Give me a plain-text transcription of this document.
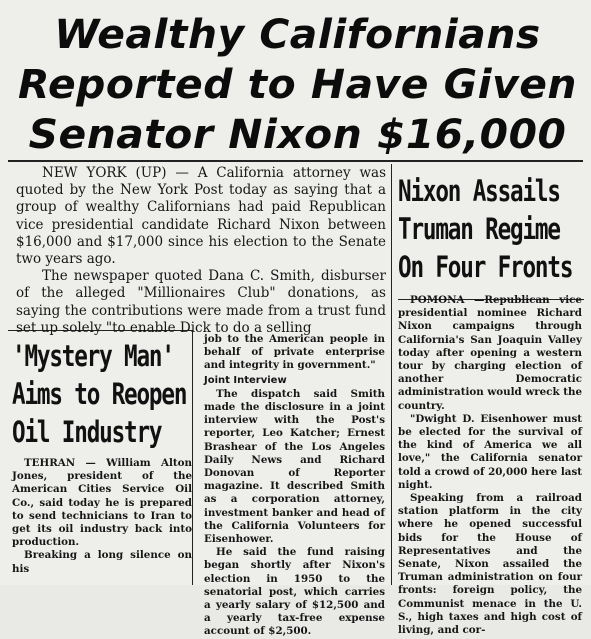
Wealthy Californians
Reported to Have Given
Senator Nixon $16,000

NEW YORK (UP) — A California attorney was quoted by the New York Post today as saying that a group of wealthy Californians had paid Republican vice presidential candidate Richard Nixon between $16,000 and $17,000 since his election to the Senate two years ago.

The newspaper quoted Dana C. Smith, disburser of the alleged "Millionaires Club" donations, as saying the contributions were made from a trust fund set up solely "to enable Dick to do a selling

job to the American people in behalf of private enterprise and integrity in government."

Joint Interview

The dispatch said Smith made the disclosure in a joint interview with the Post's reporter, Leo Katcher; Ernest Brashear of the Los Angeles Daily News and Richard Donovan of Reporter magazine. It described Smith as a corporation attorney, investment banker and head of the California Volunteers for Eisenhower.

He said the fund raising began shortly after Nixon's election in 1950 to the senatorial post, which carries a yearly salary of $12,500 and a yearly tax-free expense account of $2,500.

'Mystery Man'
Aims to Reopen
Oil Industry

TEHRAN — William Alton Jones, president of the American Cities Service Oil Co., said today he is prepared to send technicians to Iran to get its oil industry back into production.

Breaking a long silence on his

Nixon Assails
Truman Regime
On Four Fronts

POMONA —Republican vice presidential nominee Richard Nixon campaigns through California's San Joaquin Valley today after opening a western tour by charging election of another Democratic administration would wreck the country.

"Dwight D. Eisenhower must be elected for the survival of the kind of America we all love," the California senator told a crowd of 20,000 here last night.

Speaking from a railroad station platform in the city where he opened successful bids for the House of Representatives and the Senate, Nixon assailed the Truman administration on four fronts: foreign policy, the Communist menace in the U. S., high taxes and high cost of living, and cor-
